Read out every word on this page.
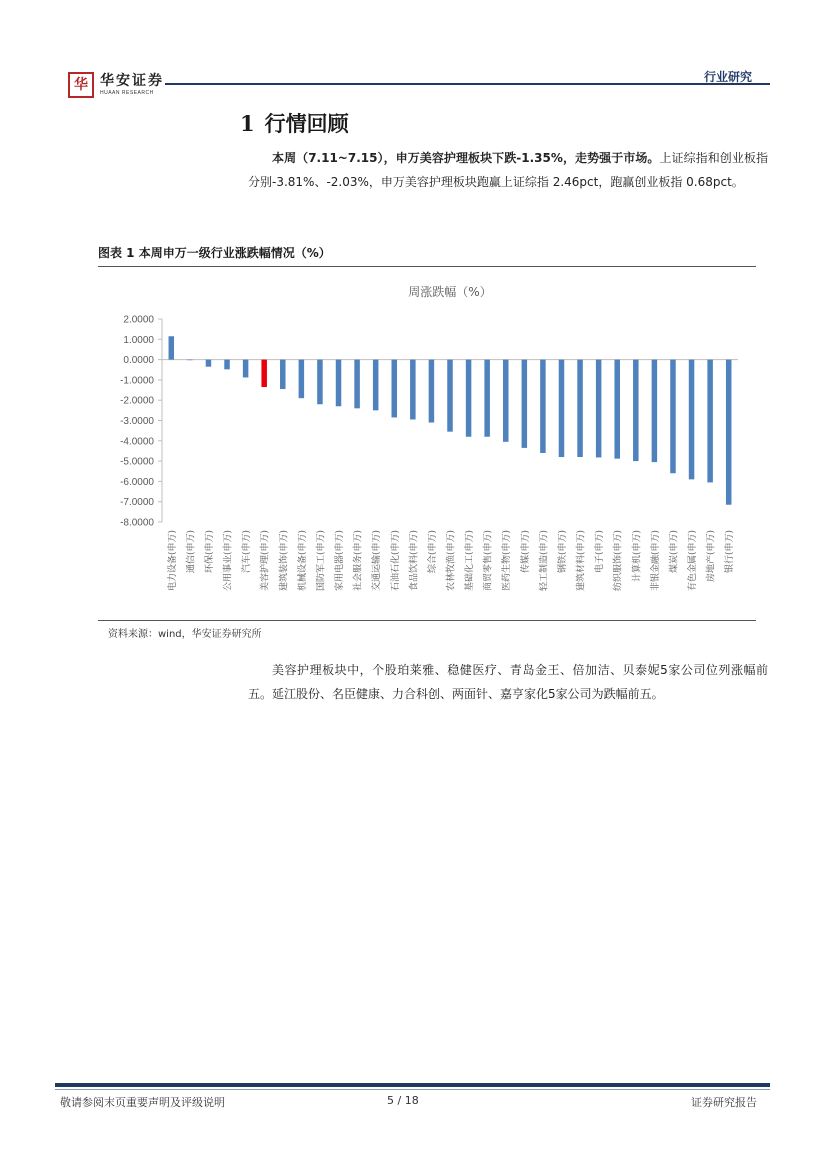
华 华安证券
HUAAN RESEARCH
行业研究
1 行情回顾
本周（7.11~7.15），申万美容护理板块下跌-1.35%，走势强于市场。上证综指和创业板指分别-3.81%、-2.03%，申万美容护理板块跑赢上证综指 2.46pct，跑赢创业板指 0.68pct。
图表 1 本周申万一级行业涨跌幅情况（%）
周涨跌幅（%）
2.0000
1.0000
0.0000
-1.0000
-2.0000
-3.0000
-4.0000
-5.0000
-6.0000
-7.0000
-8.0000
电力设备(申万) 通信(申万) 环保(申万) 公用事业(申万) 汽车(申万) 美容护理(申万) 建筑装饰(申万) 机械设备(申万) 国防军工(申万) 家用电器(申万) 社会服务(申万) 交通运输(申万) 石油石化(申万) 食品饮料(申万) 综合(申万) 农林牧渔(申万) 基础化工(申万) 商贸零售(申万) 医药生物(申万) 传媒(申万) 轻工制造(申万) 钢铁(申万) 建筑材料(申万) 电子(申万) 纺织服饰(申万) 计算机(申万) 非银金融(申万) 煤炭(申万) 有色金属(申万) 房地产(申万) 银行(申万)
资料来源：wind，华安证券研究所
美容护理板块中，个股珀莱雅、稳健医疗、青岛金王、倍加洁、贝泰妮5家公司位列涨幅前五。延江股份、名臣健康、力合科创、两面针、嘉亨家化5家公司为跌幅前五。
敬请参阅末页重要声明及评级说明	5 / 18	证券研究报告
